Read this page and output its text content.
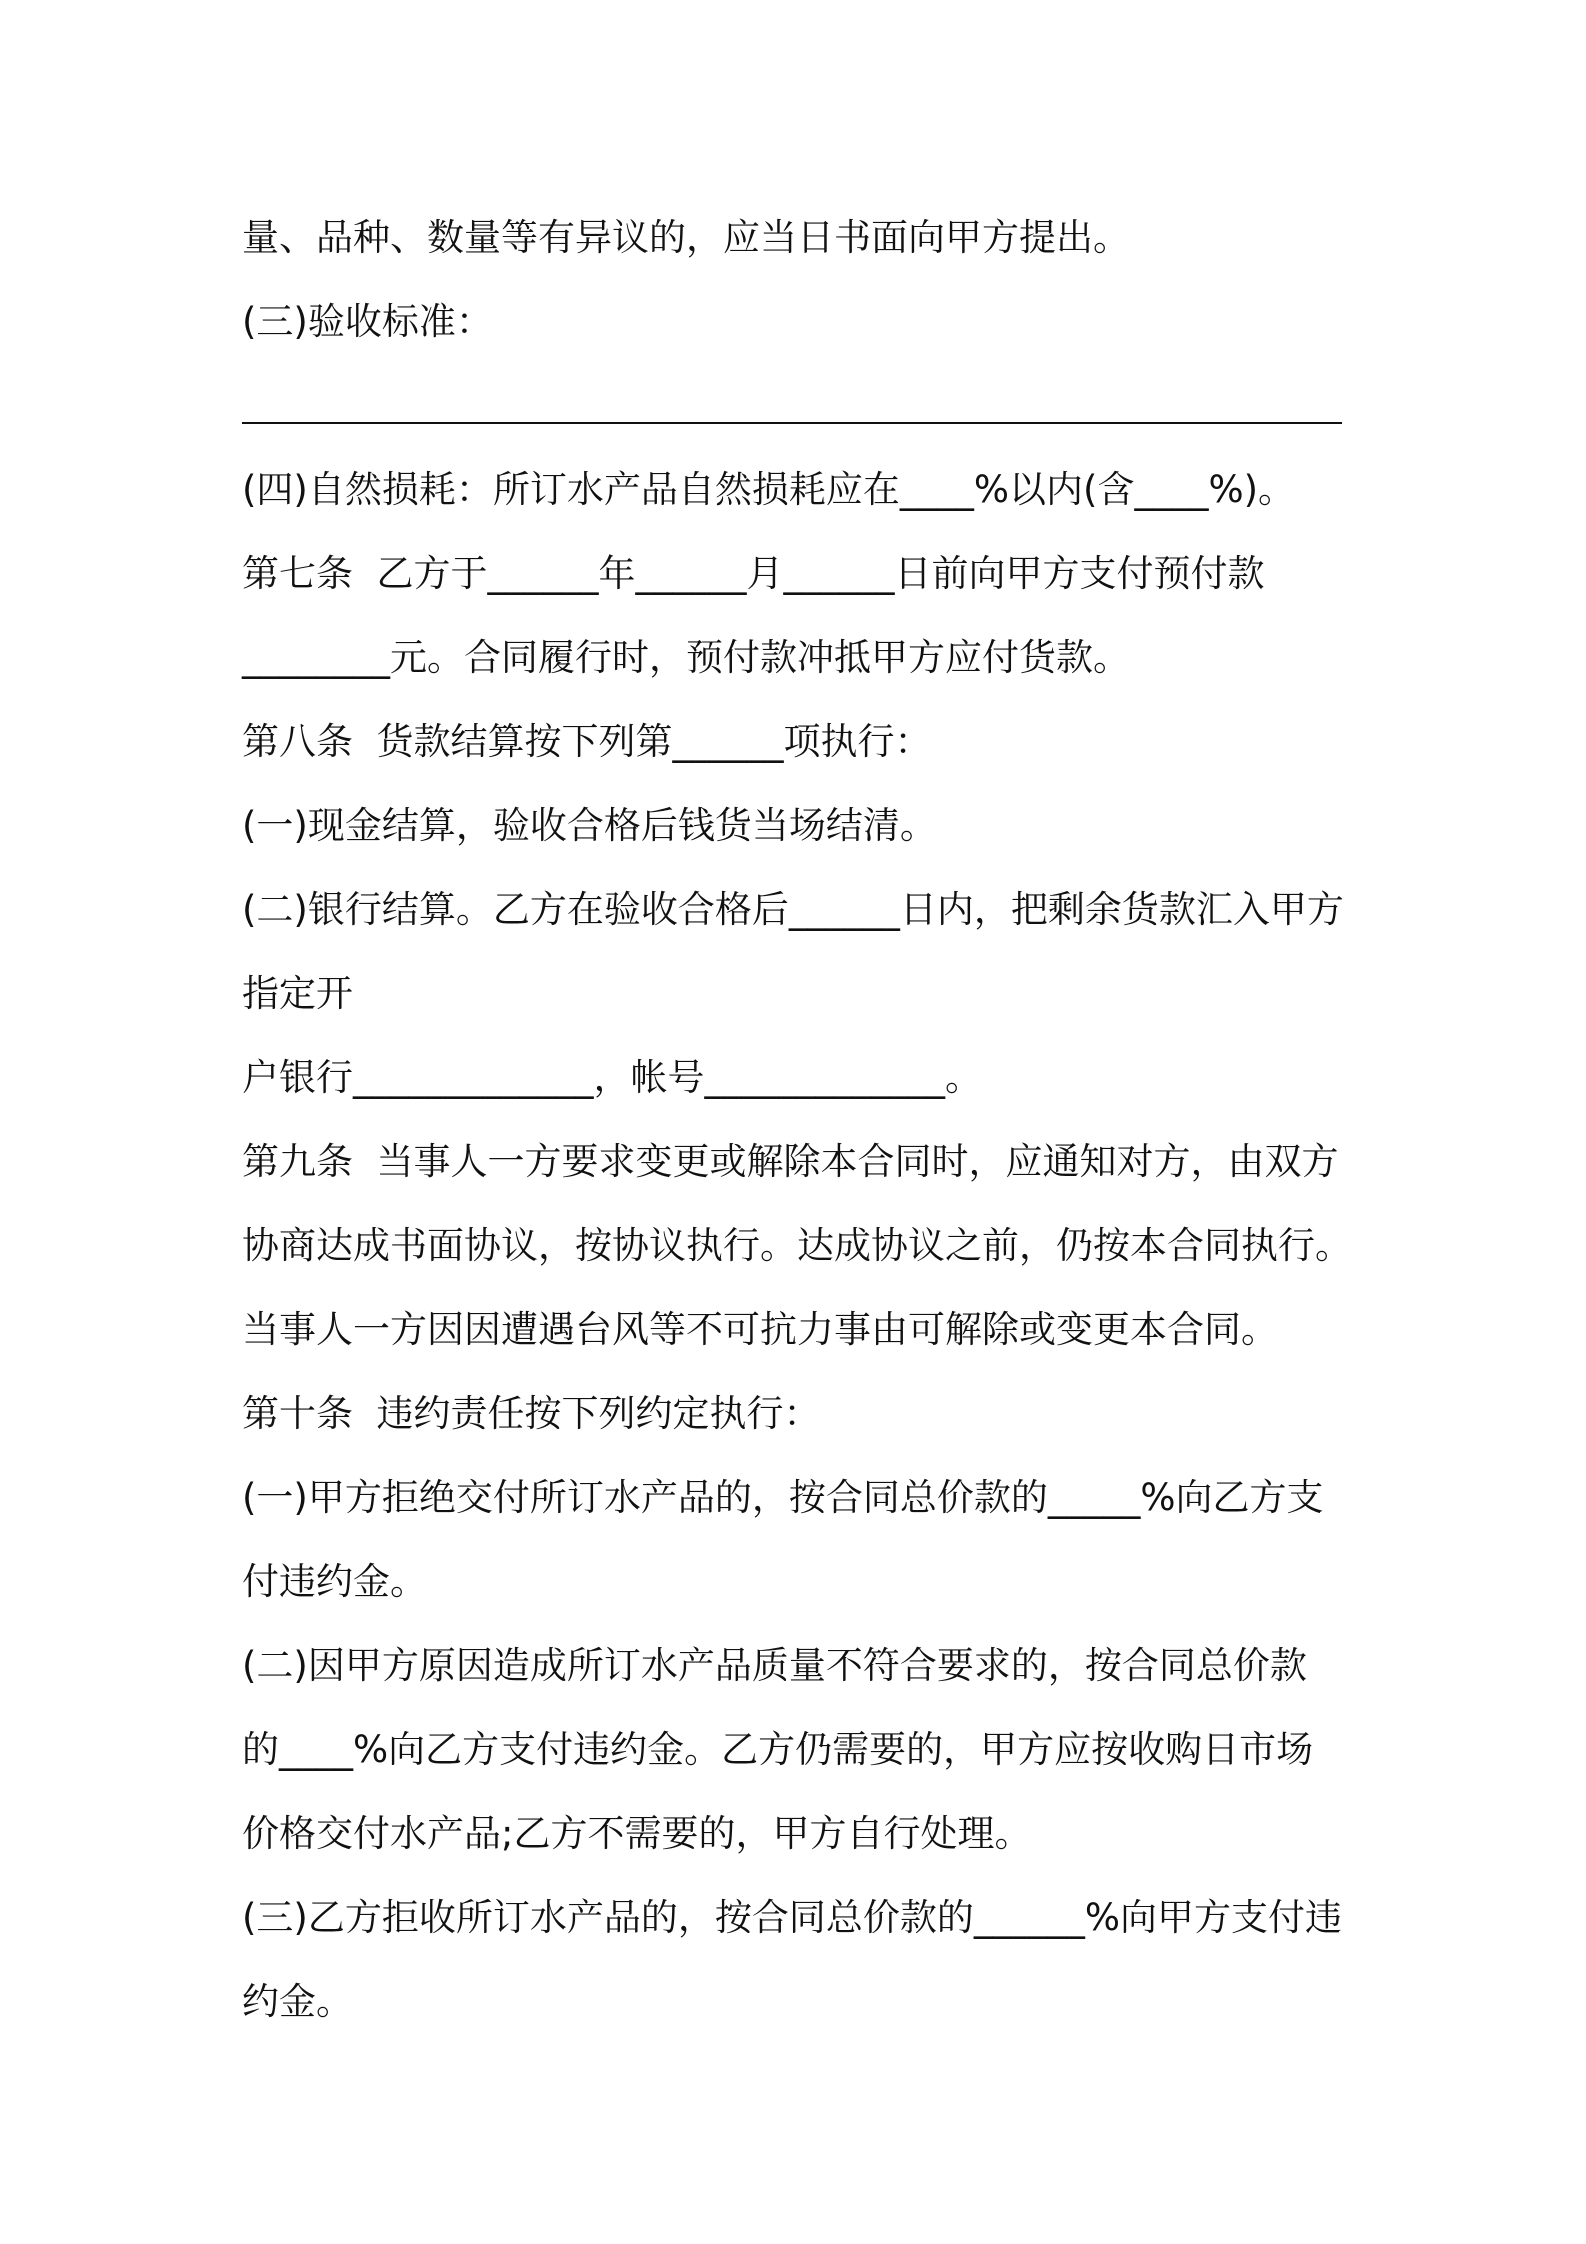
量、品种、数量等有异议的，应当日书面向甲方提出。

(三)验收标准：

(四)自然损耗：所订水产品自然损耗应在____%以内(含____%)。

第七条  乙方于______年______月______日前向甲方支付预付款

________元。合同履行时，预付款冲抵甲方应付货款。

第八条  货款结算按下列第______项执行：

(一)现金结算，验收合格后钱货当场结清。

(二)银行结算。乙方在验收合格后______日内，把剩余货款汇入甲方

指定开

户银行_____________，帐号_____________。

第九条  当事人一方要求变更或解除本合同时，应通知对方，由双方

协商达成书面协议，按协议执行。达成协议之前，仍按本合同执行。

当事人一方因因遭遇台风等不可抗力事由可解除或变更本合同。

第十条  违约责任按下列约定执行：

(一)甲方拒绝交付所订水产品的，按合同总价款的_____%向乙方支

付违约金。

(二)因甲方原因造成所订水产品质量不符合要求的，按合同总价款

的____%向乙方支付违约金。乙方仍需要的，甲方应按收购日市场

价格交付水产品;乙方不需要的，甲方自行处理。

(三)乙方拒收所订水产品的，按合同总价款的______%向甲方支付违

约金。
